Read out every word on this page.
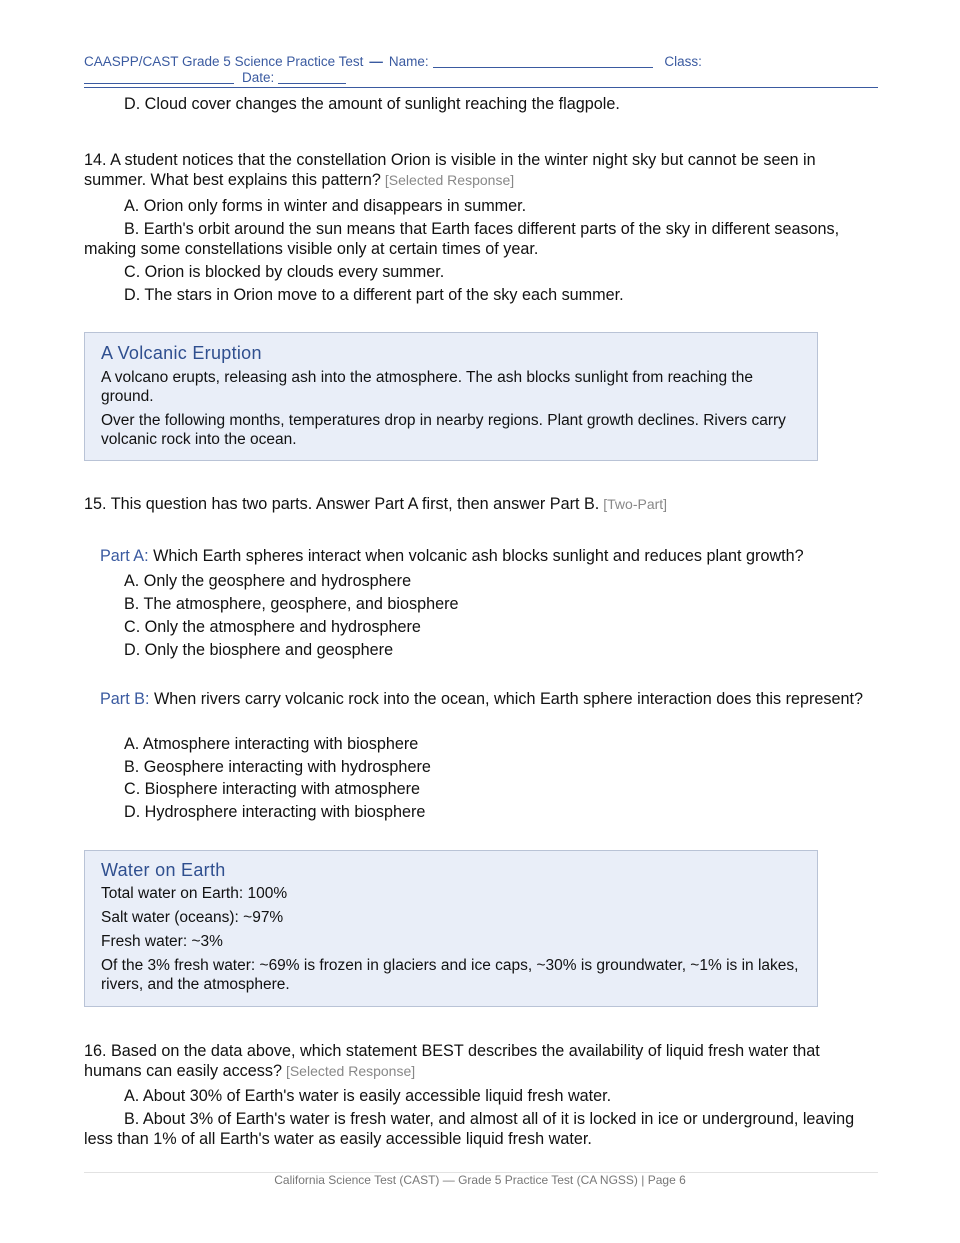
CAASPP/CAST Grade 5 Science Practice Test — Name:	Class:
Date:
D. Cloud cover changes the amount of sunlight reaching the flagpole.
14. A student notices that the constellation Orion is visible in the winter night sky but cannot be seen in summer. What best explains this pattern? [Selected Response]
A. Orion only forms in winter and disappears in summer.
B. Earth's orbit around the sun means that Earth faces different parts of the sky in different seasons, making some constellations visible only at certain times of year.
C. Orion is blocked by clouds every summer.
D. The stars in Orion move to a different part of the sky each summer.
A Volcanic Eruption
A volcano erupts, releasing ash into the atmosphere. The ash blocks sunlight from reaching the ground.
Over the following months, temperatures drop in nearby regions. Plant growth declines. Rivers carry volcanic rock into the ocean.
15. This question has two parts. Answer Part A first, then answer Part B. [Two-Part]
Part A: Which Earth spheres interact when volcanic ash blocks sunlight and reduces plant growth?
A. Only the geosphere and hydrosphere
B. The atmosphere, geosphere, and biosphere
C. Only the atmosphere and hydrosphere
D. Only the biosphere and geosphere
Part B: When rivers carry volcanic rock into the ocean, which Earth sphere interaction does this represent?
A. Atmosphere interacting with biosphere
B. Geosphere interacting with hydrosphere
C. Biosphere interacting with atmosphere
D. Hydrosphere interacting with biosphere
Water on Earth
Total water on Earth: 100%
Salt water (oceans): ~97%
Fresh water: ~3%
Of the 3% fresh water: ~69% is frozen in glaciers and ice caps, ~30% is groundwater, ~1% is in lakes, rivers, and the atmosphere.
16. Based on the data above, which statement BEST describes the availability of liquid fresh water that humans can easily access? [Selected Response]
A. About 30% of Earth's water is easily accessible liquid fresh water.
B. About 3% of Earth's water is fresh water, and almost all of it is locked in ice or underground, leaving less than 1% of all Earth's water as easily accessible liquid fresh water.
California Science Test (CAST) — Grade 5 Practice Test (CA NGSS) | Page 6
